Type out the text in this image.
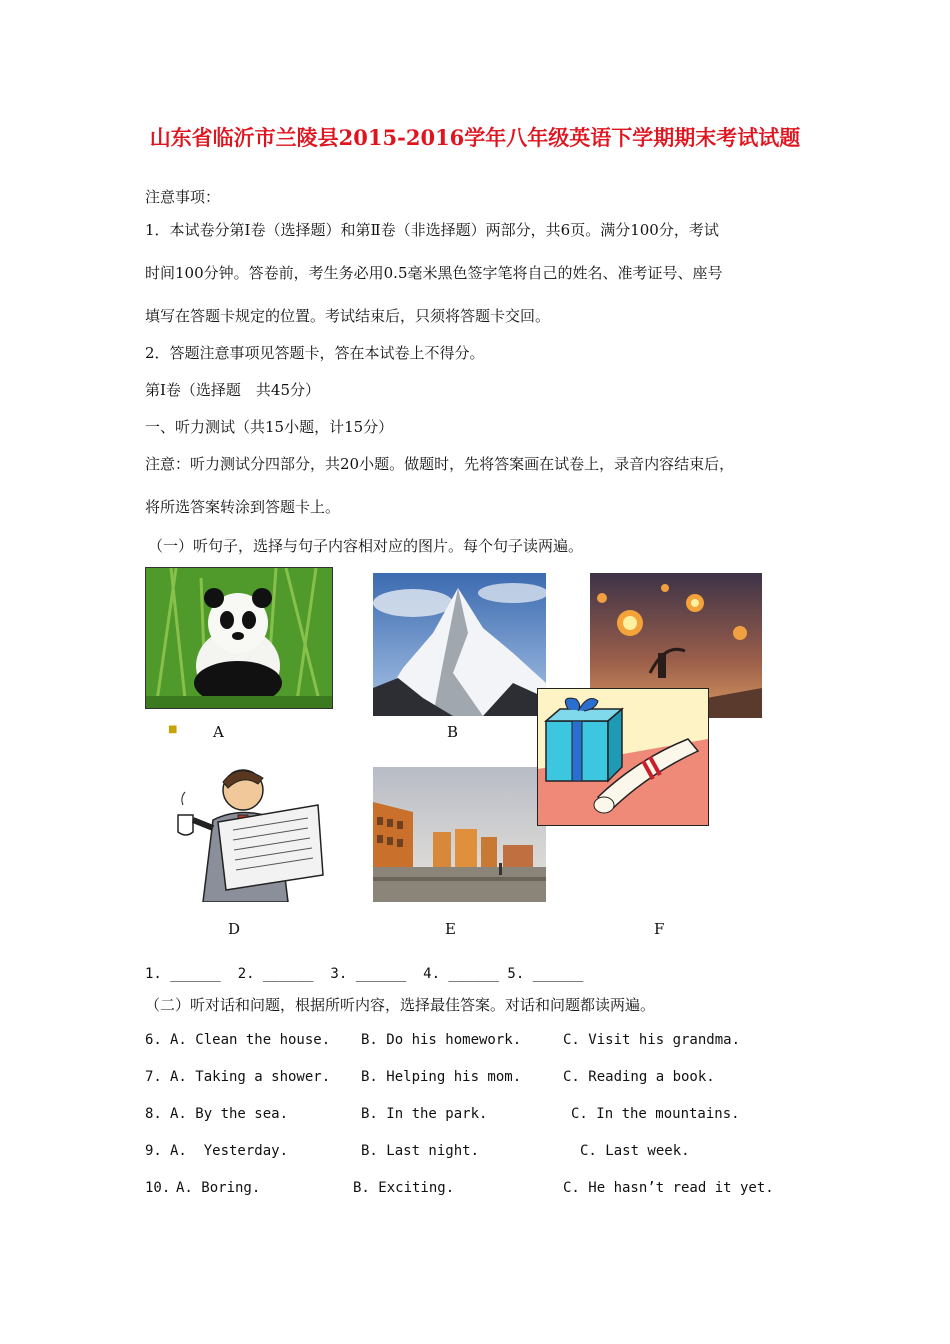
山东省临沂市兰陵县2015-2016学年八年级英语下学期期末考试试题
注意事项：
1．本试卷分第Ⅰ卷（选择题）和第Ⅱ卷（非选择题）两部分，共6页。满分100分，考试
时间100分钟。答卷前，考生务必用0.5毫米黑色签字笔将自己的姓名、准考证号、座号
填写在答题卡规定的位置。考试结束后，只须将答题卡交回。
2．答题注意事项见答题卡，答在本试卷上不得分。
第Ⅰ卷（选择题　共45分）
一、听力测试（共15小题，计15分）
注意：听力测试分四部分，共20小题。做题时，先将答案画在试卷上，录音内容结束后，
将所选答案转涂到答题卡上。
（一）听句子，选择与句子内容相对应的图片。每个句子读两遍。
■ A	B
D	E	F
1. ______  2. ______  3. ______  4. ______ 5. ______
（二）听对话和问题，根据所听内容，选择最佳答案。对话和问题都读两遍。
6. A. Clean the house. B. Do his homework.	C. Visit his grandma.
7. A. Taking a shower. B. Helping his mom.	C. Reading a book.
8. A. By the sea.	B. In the park.	C. In the mountains.
9. A.  Yesterday.	B. Last night.	C. Last week.
10. A. Boring.	B. Exciting.	C. He hasn’t read it yet.
